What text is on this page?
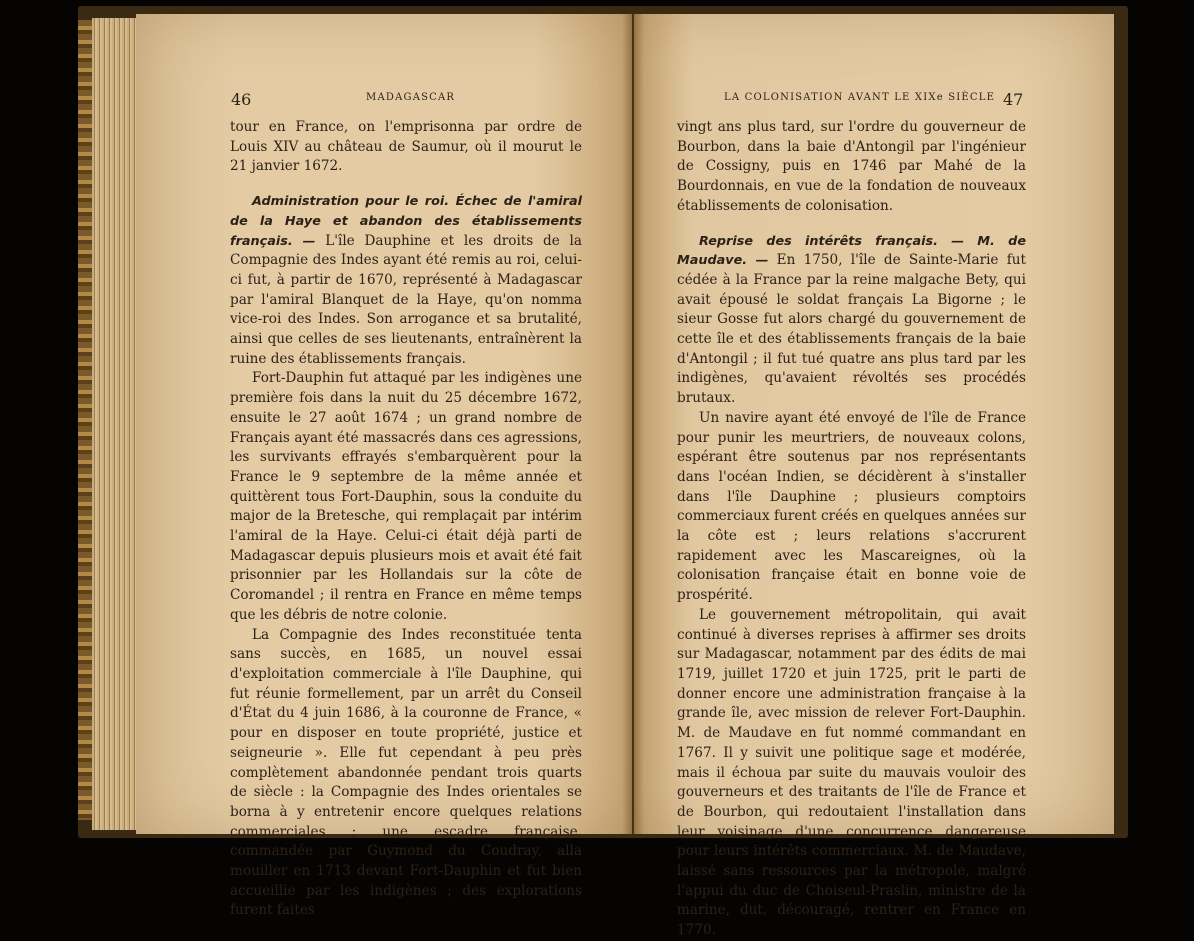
46	MADAGASCAR	LA COLONISATION AVANT LE XIXe SIÈCLE 47

tour en France, on l'emprisonna par ordre de Louis XIV au château de Saumur, où il mourut le 21 janvier 1672.

Administration pour le roi. Échec de l'amiral de la Haye et abandon des établissements français. — L'île Dauphine et les droits de la Compagnie des Indes ayant été remis au roi, celui-ci fut, à partir de 1670, représenté à Madagascar par l'amiral Blanquet de la Haye, qu'on nomma vice-roi des Indes. Son arrogance et sa brutalité, ainsi que celles de ses lieutenants, entraînèrent la ruine des établissements français.

Fort-Dauphin fut attaqué par les indigènes une première fois dans la nuit du 25 décembre 1672, ensuite le 27 août 1674 ; un grand nombre de Français ayant été massacrés dans ces agressions, les survivants effrayés s'embarquèrent pour la France le 9 septembre de la même année et quittèrent tous Fort-Dauphin, sous la conduite du major de la Bretesche, qui remplaçait par intérim l'amiral de la Haye. Celui-ci était déjà parti de Madagascar depuis plusieurs mois et avait été fait prisonnier par les Hollandais sur la côte de Coromandel ; il rentra en France en même temps que les débris de notre colonie.

La Compagnie des Indes reconstituée tenta sans succès, en 1685, un nouvel essai d'exploitation commerciale à l'île Dauphine, qui fut réunie formellement, par un arrêt du Conseil d'État du 4 juin 1686, à la couronne de France, « pour en disposer en toute propriété, justice et seigneurie ». Elle fut cependant à peu près complètement abandonnée pendant trois quarts de siècle : la Compagnie des Indes orientales se borna à y entretenir encore quelques relations commerciales ; une escadre française, commandée par Guymond du Coudray, alla mouiller en 1713 devant Fort-Dauphin et fut bien accueillie par les indigènes ; des explorations furent faites

vingt ans plus tard, sur l'ordre du gouverneur de Bourbon, dans la baie d'Antongil par l'ingénieur de Cossigny, puis en 1746 par Mahé de la Bourdonnais, en vue de la fondation de nouveaux établissements de colonisation.

Reprise des intérêts français. — M. de Maudave. — En 1750, l'île de Sainte-Marie fut cédée à la France par la reine malgache Bety, qui avait épousé le soldat français La Bigorne ; le sieur Gosse fut alors chargé du gouvernement de cette île et des établissements français de la baie d'Antongil ; il fut tué quatre ans plus tard par les indigènes, qu'avaient révoltés ses procédés brutaux.

Un navire ayant été envoyé de l'île de France pour punir les meurtriers, de nouveaux colons, espérant être soutenus par nos représentants dans l'océan Indien, se décidèrent à s'installer dans l'île Dauphine ; plusieurs comptoirs commerciaux furent créés en quelques années sur la côte est ; leurs relations s'accrurent rapidement avec les Mascareignes, où la colonisation française était en bonne voie de prospérité.

Le gouvernement métropolitain, qui avait continué à diverses reprises à affirmer ses droits sur Madagascar, notamment par des édits de mai 1719, juillet 1720 et juin 1725, prit le parti de donner encore une administration française à la grande île, avec mission de relever Fort-Dauphin. M. de Maudave en fut nommé commandant en 1767. Il y suivit une politique sage et modérée, mais il échoua par suite du mauvais vouloir des gouverneurs et des traitants de l'île de France et de Bourbon, qui redoutaient l'installation dans leur voisinage d'une concurrence dangereuse pour leurs intérêts commerciaux. M. de Maudave, laissé sans ressources par la métropole, malgré l'appui du duc de Choiseul-Praslin, ministre de la marine, dut, découragé, rentrer en France en 1770.
